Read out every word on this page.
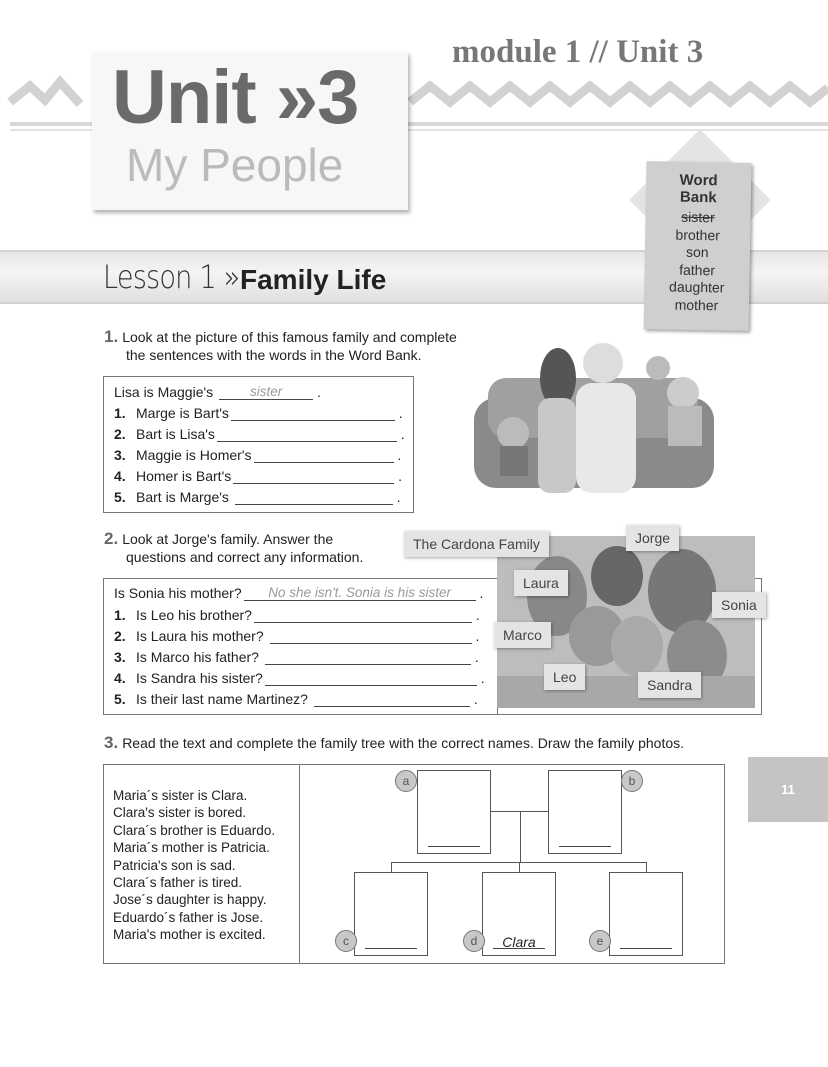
Unit »3
My People
module 1 // Unit 3
Lesson 1 » Family Life
Word
Bank
sister
brother
son
father
daughter
mother
1. Look at the picture of this famous family and complete
the sentences with the words in the Word Bank.
Lisa is Maggie's	sister	.
1. Marge is Bart's	.
2. Bart is Lisa's	.
3. Maggie is Homer's	.
4. Homer is Bart's	.
5. Bart is Marge's	.
2. Look at Jorge's family. Answer the
questions and correct any information.
Is Sonia his mother?	No she isn't. Sonia is his sister	.
1. Is Leo his brother?	.
2. Is Laura his mother?	.
3. Is Marco his father?	.
4. Is Sandra his sister?	.
5. Is their last name Martinez?	.
The Cardona Family	Jorge
Laura
Sonia
Marco
Leo	Sandra
11
3. Read the text and complete the family tree with the correct names. Draw the family photos.
Maria´s sister is Clara.
Clara's sister is bored.
Clara´s brother is Eduardo.
Maria´s mother is Patricia.
Patricia's son is sad.
Clara´s father is tired.
Jose´s daughter is happy.
Eduardo´s father is Jose.
Maria's mother is excited.	Clara
a	b
c	d	e
